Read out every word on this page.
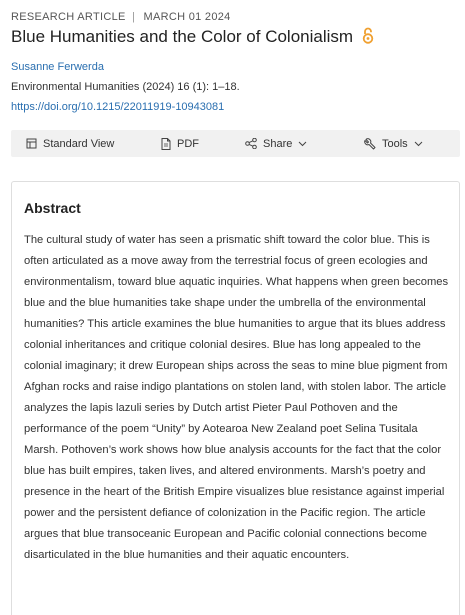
RESEARCH ARTICLE | MARCH 01 2024
Blue Humanities and the Color of Colonialism
Susanne Ferwerda
Environmental Humanities (2024) 16 (1): 1–18.
https://doi.org/10.1215/22011919-10943081
Standard View	PDF	Share	Tools
Abstract

The cultural study of water has seen a prismatic shift toward the color blue. This is often articulated as a move away from the terrestrial focus of green ecologies and environmentalism, toward blue aquatic inquiries. What happens when green becomes blue and the blue humanities take shape under the umbrella of the environmental humanities? This article examines the blue humanities to argue that its blues address colonial inheritances and critique colonial desires. Blue has long appealed to the colonial imaginary; it drew European ships across the seas to mine blue pigment from Afghan rocks and raise indigo plantations on stolen land, with stolen labor. The article analyzes the lapis lazuli series by Dutch artist Pieter Paul Pothoven and the performance of the poem “Unity” by Aotearoa New Zealand poet Selina Tusitala Marsh. Pothoven’s work shows how blue analysis accounts for the fact that the color blue has built empires, taken lives, and altered environments. Marsh’s poetry and presence in the heart of the British Empire visualizes blue resistance against imperial power and the persistent defiance of colonization in the Pacific region. The article argues that blue transoceanic European and Pacific colonial connections become disarticulated in the blue humanities and their aquatic encounters.
